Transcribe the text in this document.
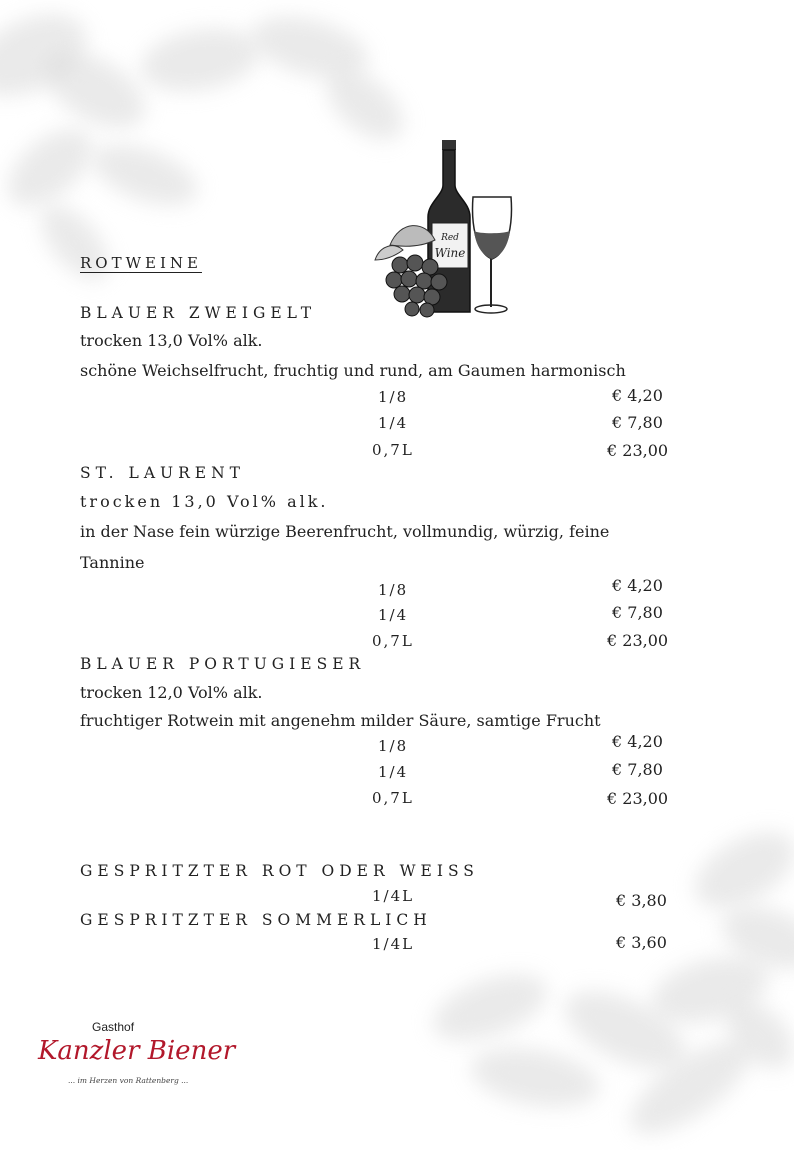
Red
Wine
ROTWEINE
BLAUER ZWEIGELT
trocken 13,0 Vol% alk.
schöne Weichselfrucht, fruchtig und rund, am Gaumen harmonisch
1/8	€ 4,20
1/4	€ 7,80
0,7L	€ 23,00
ST. LAURENT
trocken 13,0 Vol% alk.
in der Nase fein würzige Beerenfrucht, vollmundig, würzig, feine
Tannine
1/8	€ 4,20
1/4	€ 7,80
0,7L	€ 23,00
BLAUER PORTUGIESER
trocken 12,0 Vol% alk.
fruchtiger Rotwein mit angenehm milder Säure, samtige Frucht
1/8	€ 4,20
1/4	€ 7,80
0,7L	€ 23,00
GESPRITZTER ROT ODER WEISS
1/4L	€ 3,80
GESPRITZTER SOMMERLICH
1/4L	€ 3,60
Gasthof
Kanzler Biener
... im Herzen von Rattenberg ...
